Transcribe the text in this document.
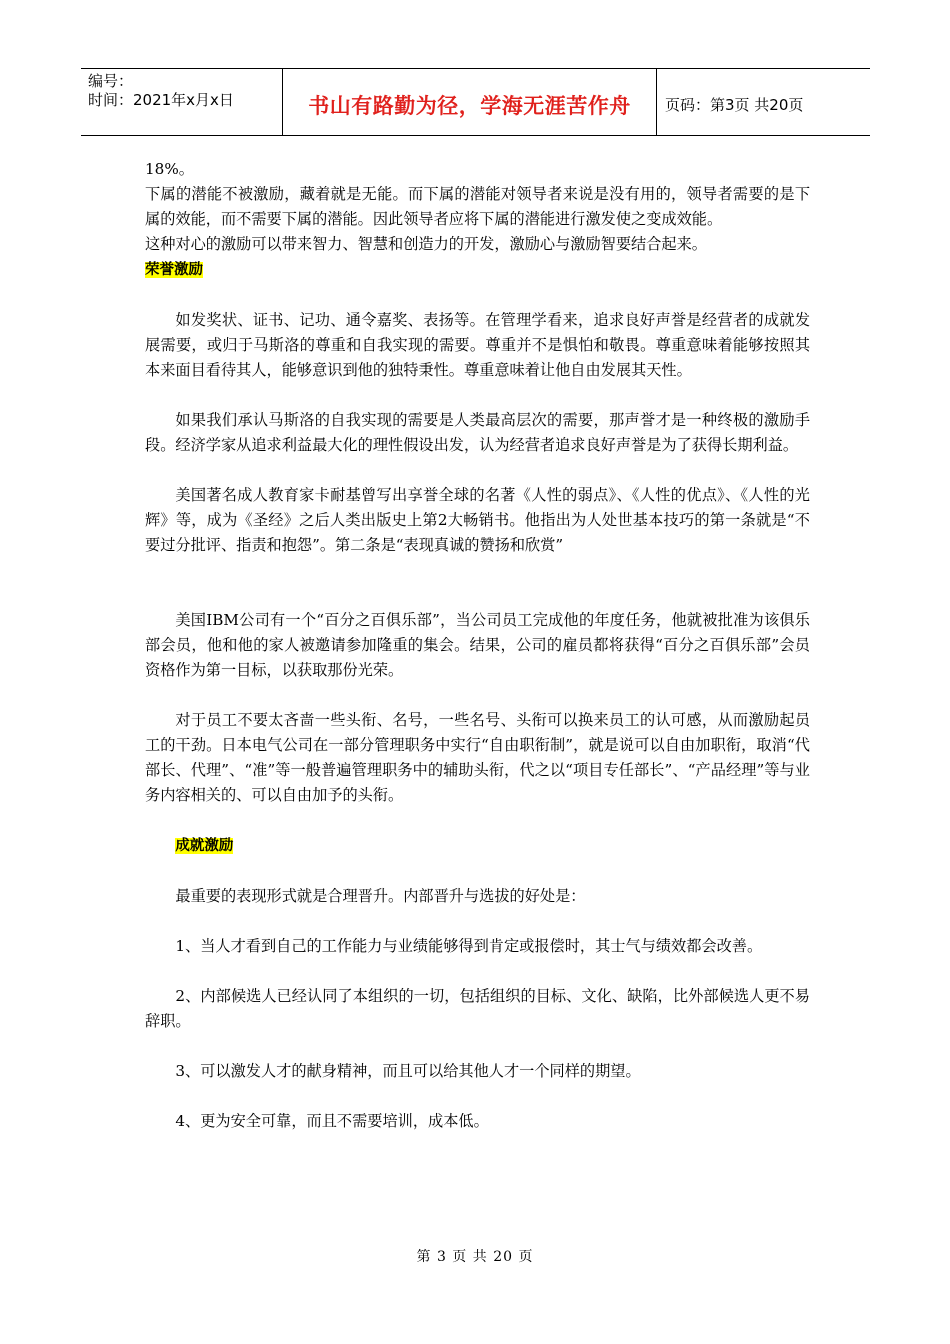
编号：
时间：2021年x月x日	书山有路勤为径，学海无涯苦作舟	页码：第3页 共20页

18%。

下属的潜能不被激励，藏着就是无能。而下属的潜能对领导者来说是没有用的，领导者需要的是下属的效能，而不需要下属的潜能。因此领导者应将下属的潜能进行激发使之变成效能。

这种对心的激励可以带来智力、智慧和创造力的开发，激励心与激励智要结合起来。

荣誉激励

如发奖状、证书、记功、通令嘉奖、表扬等。在管理学看来，追求良好声誉是经营者的成就发展需要，或归于马斯洛的尊重和自我实现的需要。尊重并不是惧怕和敬畏。尊重意味着能够按照其本来面目看待其人，能够意识到他的独特秉性。尊重意味着让他自由发展其天性。

如果我们承认马斯洛的自我实现的需要是人类最高层次的需要，那声誉才是一种终极的激励手段。经济学家从追求利益最大化的理性假设出发，认为经营者追求良好声誉是为了获得长期利益。

美国著名成人教育家卡耐基曾写出享誉全球的名著《人性的弱点》、《人性的优点》、《人性的光辉》等，成为《圣经》之后人类出版史上第2大畅销书。他指出为人处世基本技巧的第一条就是“不要过分批评、指责和抱怨”。第二条是“表现真诚的赞扬和欣赏”

美国IBM公司有一个“百分之百俱乐部”，当公司员工完成他的年度任务，他就被批准为该俱乐部会员，他和他的家人被邀请参加隆重的集会。结果，公司的雇员都将获得“百分之百俱乐部”会员资格作为第一目标，以获取那份光荣。

对于员工不要太吝啬一些头衔、名号，一些名号、头衔可以换来员工的认可感，从而激励起员工的干劲。日本电气公司在一部分管理职务中实行“自由职衔制”，就是说可以自由加职衔，取消“代部长、代理”、“准”等一般普遍管理职务中的辅助头衔，代之以“项目专任部长”、“产品经理”等与业务内容相关的、可以自由加予的头衔。

成就激励

最重要的表现形式就是合理晋升。内部晋升与选拔的好处是：

1、当人才看到自己的工作能力与业绩能够得到肯定或报偿时，其士气与绩效都会改善。

2、内部候选人已经认同了本组织的一切，包括组织的目标、文化、缺陷，比外部候选人更不易辞职。

3、可以激发人才的献身精神，而且可以给其他人才一个同样的期望。

4、更为安全可靠，而且不需要培训，成本低。

第 3 页 共 20 页
